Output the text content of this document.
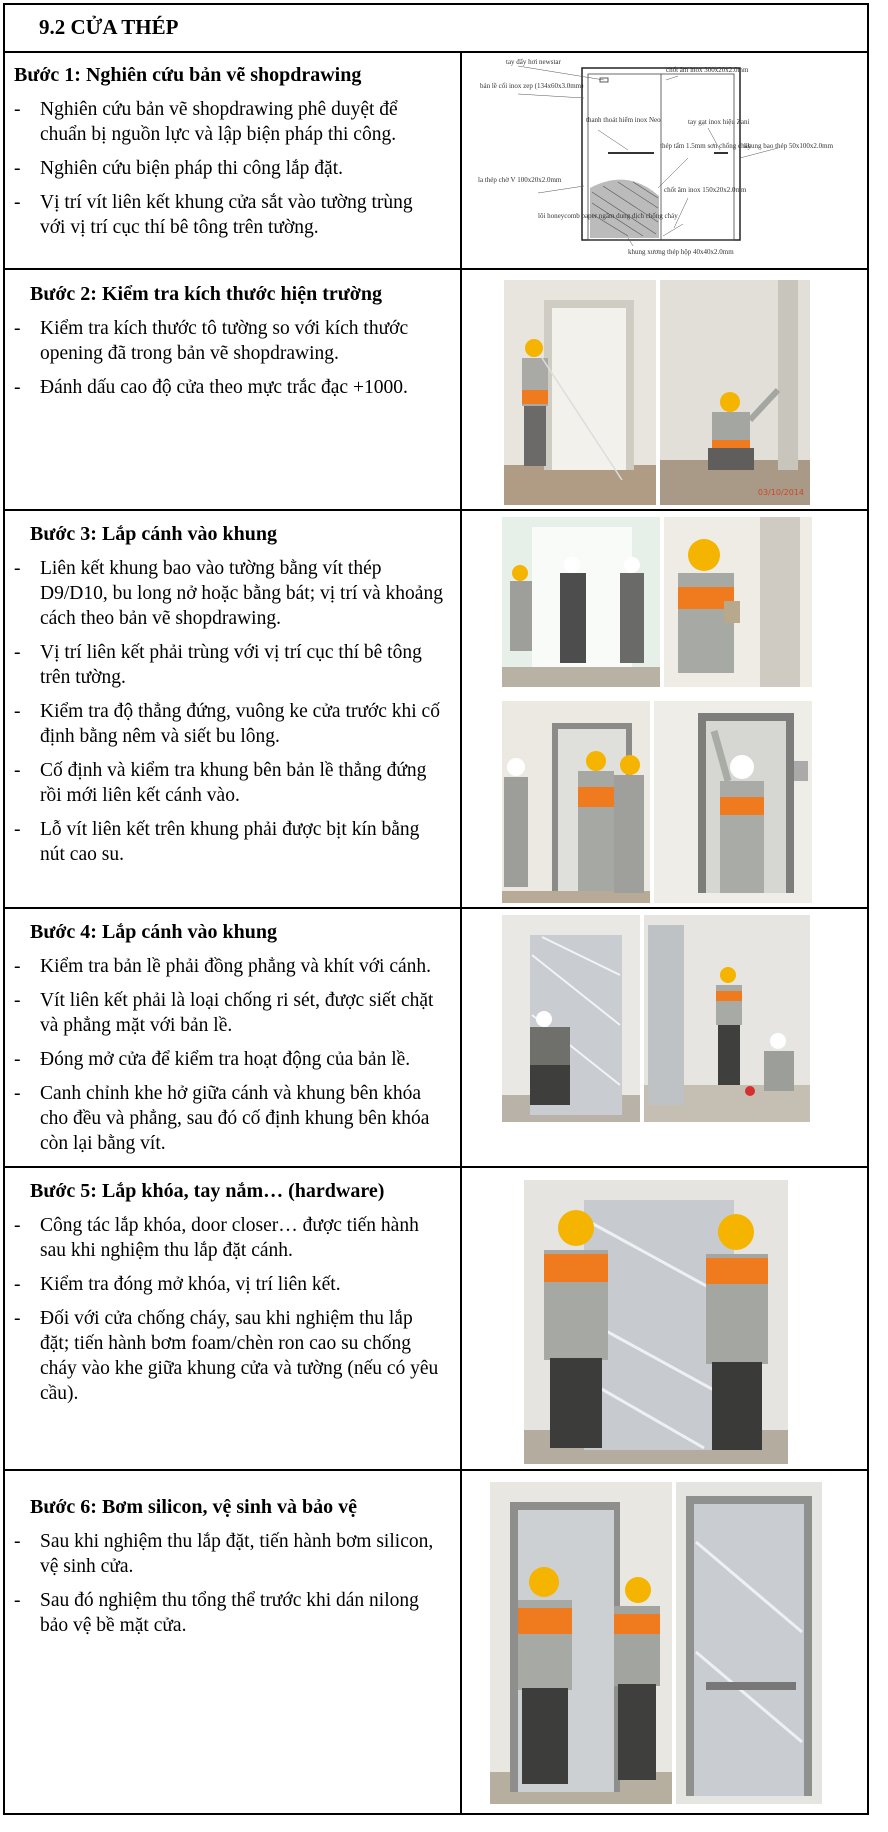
9.2 CỬA THÉP
Bước 1: Nghiên cứu bản vẽ shopdrawing
- Nghiên cứu bản vẽ shopdrawing phê duyệt để chuẩn bị nguồn lực và lập biện pháp thi công.
- Nghiên cứu biện pháp thi công lắp đặt.
- Vị trí vít liên kết khung cửa sắt vào tường trùng với vị trí cục thí bê tông trên tường.
tay đẩy hơi newstar
bản lề cối inox zep (134x60x3.0mm)
chốt âm inox 300x20x2.0mm
thanh thoát hiểm inox Neo	tay gạt inox hiệu Zani
thép tấm 1.5mm sơn chống cháy
khung bao thép 50x100x2.0mm
la thép chờ V 100x20x2.0mm
chốt âm inox 150x20x2.0mm
lõi honeycomb paper ngâm dung dịch chống cháy
khung xương thép hộp 40x40x2.0mm
Bước 2: Kiểm tra kích thước hiện trường
- Kiểm tra kích thước tô tường so với kích thước opening đã trong bản vẽ shopdrawing.
- Đánh dấu cao độ cửa theo mực trắc đạc +1000.
03/10/2014
Bước 3: Lắp cánh vào khung
- Liên kết khung bao vào tường bằng vít thép D9/D10, bu long nở hoặc bằng bát; vị trí và khoảng cách theo bản vẽ shopdrawing.
- Vị trí liên kết phải trùng với vị trí cục thí bê tông trên tường.
- Kiểm tra độ thẳng đứng, vuông ke cửa trước khi cố định bằng nêm và siết bu lông.
- Cố định và kiểm tra khung bên bản lề thẳng đứng rồi mới liên kết cánh vào.
- Lỗ vít liên kết trên khung phải được bịt kín bằng nút cao su.
Bước 4: Lắp cánh vào khung
- Kiểm tra bản lề phải đồng phẳng và khít với cánh.
- Vít liên kết phải là loại chống ri sét, được siết chặt và phẳng mặt với bản lề.
- Đóng mở cửa để kiểm tra hoạt động của bản lề.
- Canh chỉnh khe hở giữa cánh và khung bên khóa cho đều và phẳng, sau đó cố định khung bên khóa còn lại bằng vít.
Bước 5: Lắp khóa, tay nắm… (hardware)
- Công tác lắp khóa, door closer… được tiến hành sau khi nghiệm thu lắp đặt cánh.
- Kiểm tra đóng mở khóa, vị trí liên kết.
- Đối với cửa chống cháy, sau khi nghiệm thu lắp đặt; tiến hành bơm foam/chèn ron cao su chống cháy vào khe giữa khung cửa và tường (nếu có yêu cầu).
Bước 6: Bơm silicon, vệ sinh và bảo vệ
- Sau khi nghiệm thu lắp đặt, tiến hành bơm silicon, vệ sinh cửa.
- Sau đó nghiệm thu tổng thể trước khi dán nilong bảo vệ bề mặt cửa.
